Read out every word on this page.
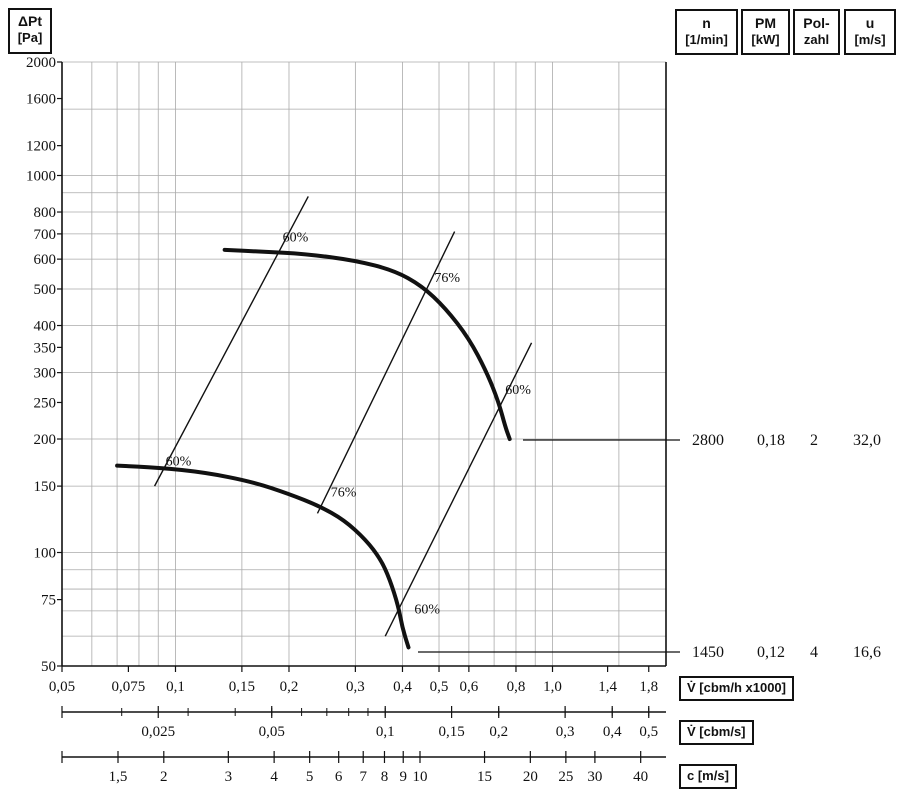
2000
1600
1200
1000
800
700
600
500
400
350
300
250
200
150
100
75
50
0,05 0,075 0,1	0,15 0,2	0,3 0,4 0,5 0,6 0,8 1,0 1,4 1,8
0,025	0,05	0,1	0,15 0,2	0,3 0,4 0,5
1,5 2	3	4 5 6 7 8 9 10	15 20 25 30 40
60%
76%
60%
60%
76%
60%
2800 0,18 2 32,0
1450 0,12 4 16,6
ΔPt
[Pa]
n
[1/min]
PM
[kW]
Pol-
zahl
u
[m/s]
V̇ [cbm/h x1000]
V̇ [cbm/s]
c [m/s]
